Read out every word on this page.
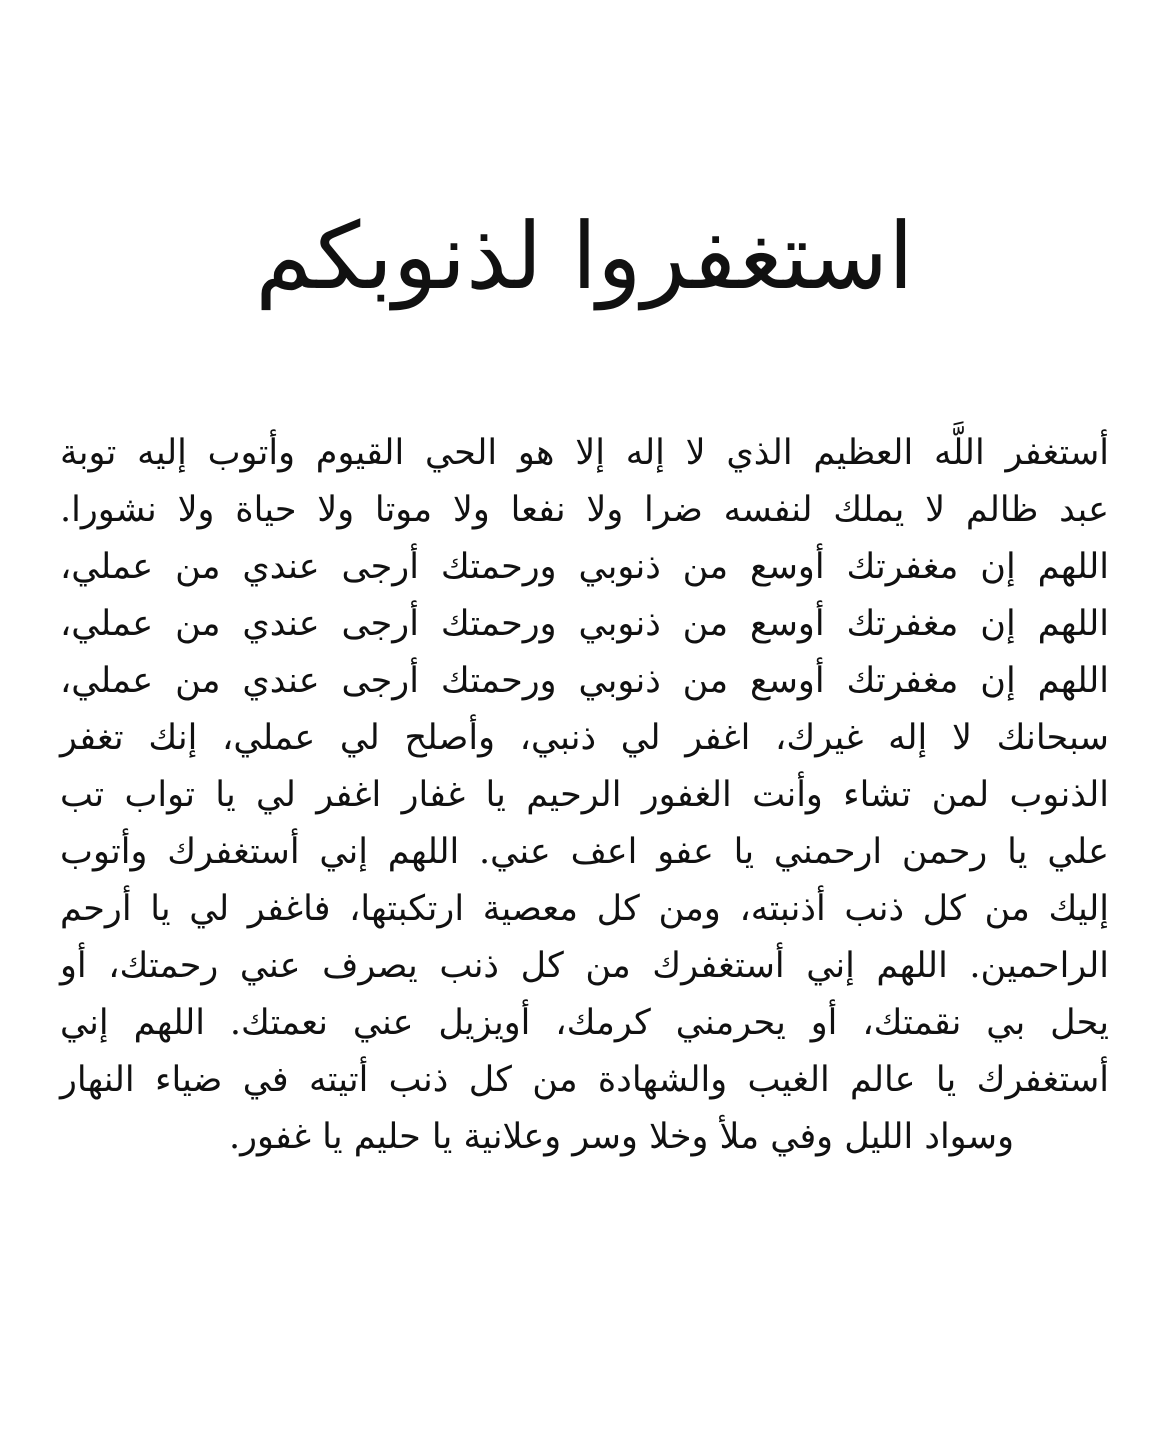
استغفروا لذنوبكم
أستغفر اللَّه العظيم الذي لا إله إلا هو الحي القيوم وأتوب إليه توبة
عبد ظالم لا يملك لنفسه ضرا ولا نفعا ولا موتا ولا حياة ولا نشورا.
اللهم إن مغفرتك أوسع من ذنوبي ورحمتك أرجى عندي من عملي،
اللهم إن مغفرتك أوسع من ذنوبي ورحمتك أرجى عندي من عملي،
اللهم إن مغفرتك أوسع من ذنوبي ورحمتك أرجى عندي من عملي،
سبحانك لا إله غيرك، اغفر لي ذنبي، وأصلح لي عملي، إنك تغفر
الذنوب لمن تشاء وأنت الغفور الرحيم يا غفار اغفر لي يا تواب تب
علي يا رحمن ارحمني يا عفو اعف عني. اللهم إني أستغفرك وأتوب
إليك من كل ذنب أذنبته، ومن كل معصية ارتكبتها، فاغفر لي يا أرحم
الراحمين. اللهم إني أستغفرك من كل ذنب يصرف عني رحمتك، أو
يحل بي نقمتك، أو يحرمني كرمك، أويزيل عني نعمتك. اللهم إني
أستغفرك يا عالم الغيب والشهادة من كل ذنب أتيته في ضياء النهار
وسواد الليل وفي ملأ وخلا وسر وعلانية يا حليم يا غفور.
